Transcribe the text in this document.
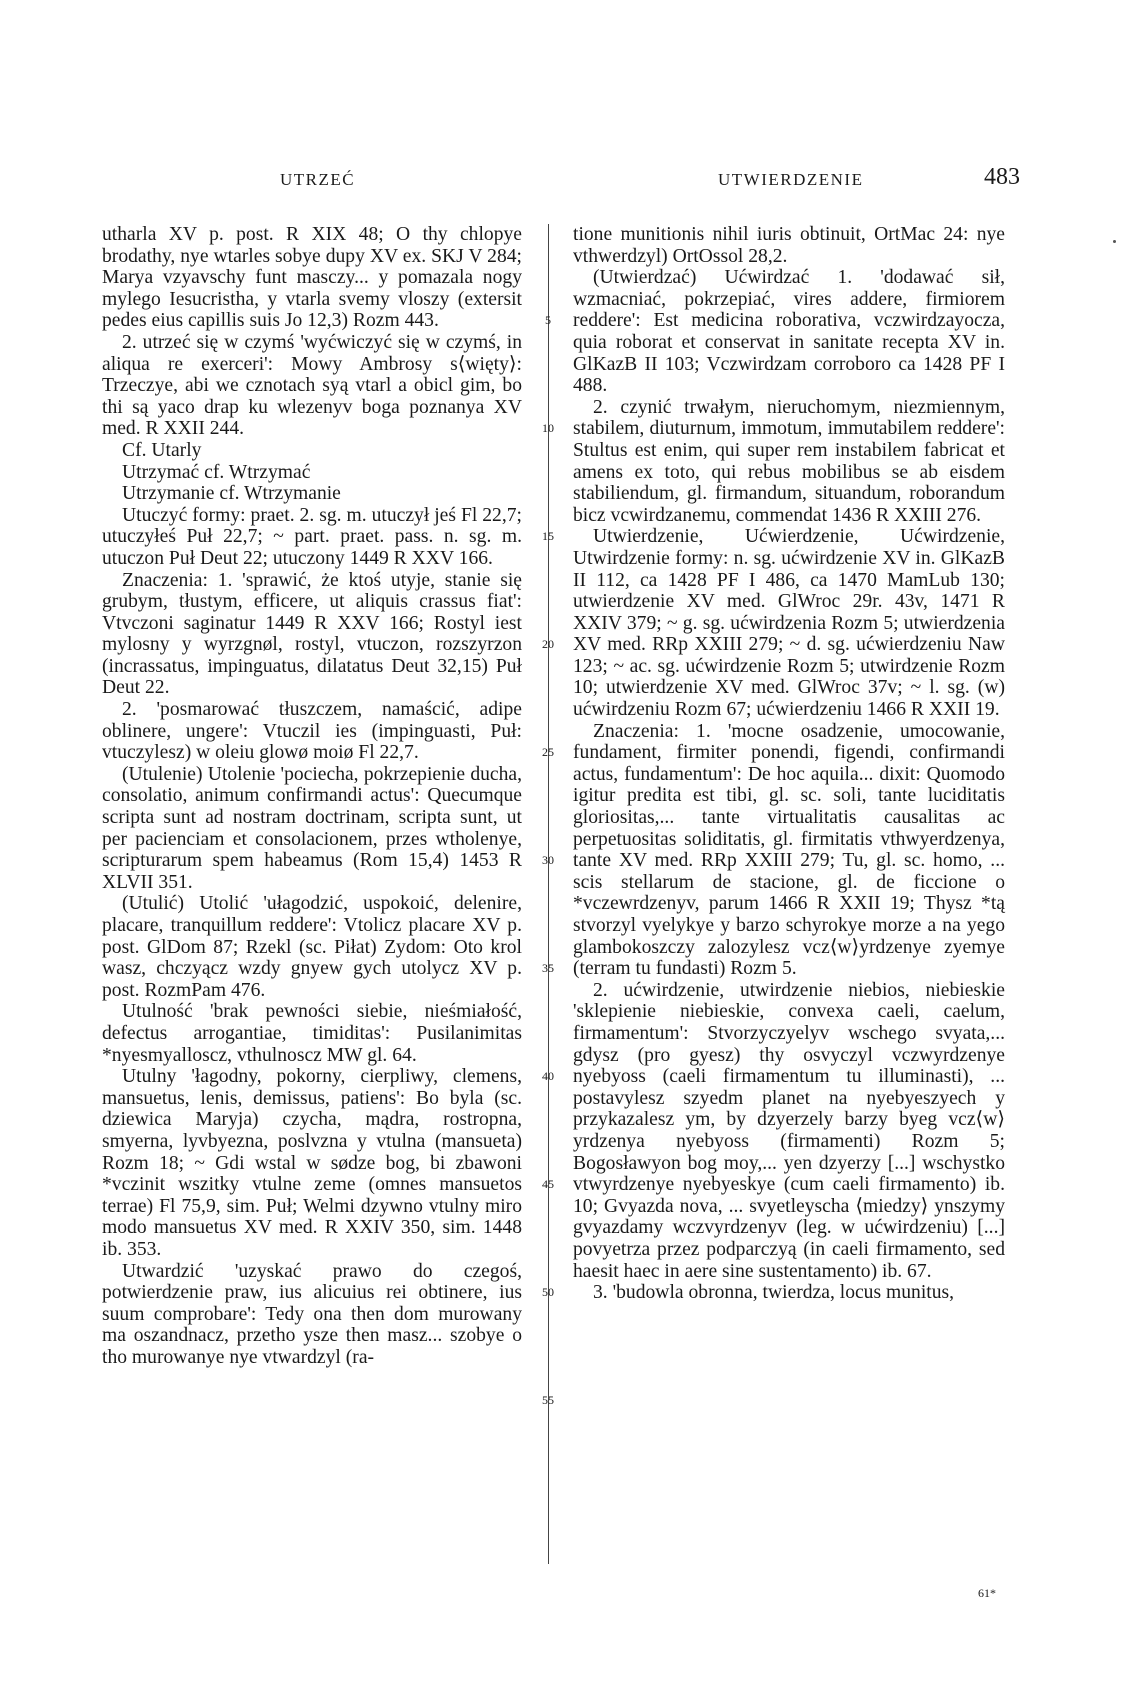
UTRZEĆ	UTWIERDZENIE	483

utharla XV p. post. R XIX 48; O thy chlopye brodathy, nye wtarles sobye dupy XV ex. SKJ V 284; Marya vzyavschy funt masczy... y pomazala nogy mylego Iesucristha, y vtarla svemy vloszy (extersit pedes eius capillis suis Jo 12,3) Rozm 443.

2. utrzeć się w czymś 'wyćwiczyć się w czymś, in aliqua re exerceri': Mowy Ambrosy s⟨więty⟩: Trzeczye, abi we cznotach syą vtarl a obicl gim, bo thi są yaco drap ku wlezenyv boga poznanya XV med. R XXII 244.

Cf. Utarly

Utrzymać cf. Wtrzymać

Utrzymanie cf. Wtrzymanie

Utuczyć formy: praet. 2. sg. m. utuczył jeś Fl 22,7; utuczyłeś Puł 22,7; ~ part. praet. pass. n. sg. m. utuczon Puł Deut 22; utuczony 1449 R XXV 166.

Znaczenia: 1. 'sprawić, że ktoś utyje, stanie się grubym, tłustym, efficere, ut aliquis crassus fiat': Vtvczoni saginatur 1449 R XXV 166; Rostyl iest mylosny y wyrzgnøl, rostyl, vtuczon, rozszyrzon (incrassatus, impinguatus, dilatatus Deut 32,15) Puł Deut 22.

2. 'posmarować tłuszczem, namaścić, adipe oblinere, ungere': Vtuczil ies (impinguasti, Puł: vtuczylesz) w oleiu glowø moiø Fl 22,7.

(Utulenie) Utolenie 'pociecha, pokrzepienie ducha, consolatio, animum confirmandi actus': Quecumque scripta sunt ad nostram doctrinam, scripta sunt, ut per pacienciam et consolacionem, przes wtholenye, scripturarum spem habeamus (Rom 15,4) 1453 R XLVII 351.

(Utulić) Utolić 'ułagodzić, uspokoić, delenire, placare, tranquillum reddere': Vtolicz placare XV p. post. GlDom 87; Rzekl (sc. Piłat) Zydom: Oto krol wasz, chczyącz wzdy gnyew gych utolycz XV p. post. RozmPam 476.

Utulność 'brak pewności siebie, nieśmiałość, defectus arrogantiae, timiditas': Pusilanimitas *nyesmyalloscz, vthulnoscz MW gl. 64.

Utulny 'łagodny, pokorny, cierpliwy, clemens, mansuetus, lenis, demissus, patiens': Bo byla (sc. dziewica Maryja) czycha, mądra, rostropna, smyerna, lyvbyezna, poslvzna y vtulna (mansueta) Rozm 18; ~ Gdi wstal w sødze bog, bi zbawoni *vczinit wszitky vtulne zeme (omnes mansuetos terrae) Fl 75,9, sim. Puł; Welmi dzywno vtulny miro modo mansuetus XV med. R XXIV 350, sim. 1448 ib. 353.

Utwardzić 'uzyskać prawo do czegoś, potwierdzenie praw, ius alicuius rei obtinere, ius suum comprobare': Tedy ona then dom murowany ma oszandnacz, przetho ysze then masz... szobye o tho murowanye nye vtwardzyl (ra-

5
10
15
20
25
30
35
40
45
50
55

tione munitionis nihil iuris obtinuit, OrtMac 24: nye vthwerdzyl) OrtOssol 28,2.

(Utwierdzać) Ućwirdzać 1. 'dodawać sił, wzmacniać, pokrzepiać, vires addere, firmiorem reddere': Est medicina roborativa, vczwirdzayocza, quia roborat et conservat in sanitate recepta XV in. GlKazB II 103; Vczwirdzam corroboro ca 1428 PF I 488.

2. czynić trwałym, nieruchomym, niezmiennym, stabilem, diuturnum, immotum, immutabilem reddere': Stultus est enim, qui super rem instabilem fabricat et amens ex toto, qui rebus mobilibus se ab eisdem stabiliendum, gl. firmandum, situandum, roborandum bicz vcwirdzanemu, commendat 1436 R XXIII 276.

Utwierdzenie, Ućwierdzenie, Ućwirdzenie, Utwirdzenie formy: n. sg. ućwirdzenie XV in. GlKazB II 112, ca 1428 PF I 486, ca 1470 MamLub 130; utwierdzenie XV med. GlWroc 29r. 43v, 1471 R XXIV 379; ~ g. sg. ućwirdzenia Rozm 5; utwierdzenia XV med. RRp XXIII 279; ~ d. sg. ućwierdzeniu Naw 123; ~ ac. sg. ućwirdzenie Rozm 5; utwirdzenie Rozm 10; utwierdzenie XV med. GlWroc 37v; ~ l. sg. (w) ućwirdzeniu Rozm 67; ućwierdzeniu 1466 R XXII 19.

Znaczenia: 1. 'mocne osadzenie, umocowanie, fundament, firmiter ponendi, figendi, confirmandi actus, fundamentum': De hoc aquila... dixit: Quomodo igitur predita est tibi, gl. sc. soli, tante luciditatis gloriositas,... tante virtualitatis causalitas ac perpetuositas soliditatis, gl. firmitatis vthwyerdzenya, tante XV med. RRp XXIII 279; Tu, gl. sc. homo, ... scis stellarum de stacione, gl. de ficcione o *vczewrdzenyv, parum 1466 R XXII 19; Thysz *tą stvorzyl vyelykye y barzo schyrokye morze a na yego glambokoszczy zalozylesz vcz⟨w⟩yrdzenye zyemye (terram tu fundasti) Rozm 5.

2. ućwirdzenie, utwirdzenie niebios, niebieskie 'sklepienie niebieskie, convexa caeli, caelum, firmamentum': Stvorzyczyelyv wschego svyata,... gdysz (pro gyesz) thy osvyczyl vczwyrdzenye nyebyoss (caeli firmamentum tu illuminasti), ... postavylesz szyedm planet na nyebyeszyech y przykazalesz ym, by dzyerzely barzy byeg vcz⟨w⟩yrdzenya nyebyoss (firmamenti) Rozm 5; Bogosławyon bog moy,... yen dzyerzy [...] wschystko vtwyrdzenye nyebyeskye (cum caeli firmamento) ib. 10; Gvyazda nova, ... svyetleyscha ⟨miedzy⟩ ynszymy gvyazdamy wczvyrdzenyv (leg. w ućwirdzeniu) [...] povyetrza przez podparczyą (in caeli firmamento, sed haesit haec in aere sine sustentamento) ib. 67.

3. 'budowla obronna, twierdza, locus munitus,

61*
